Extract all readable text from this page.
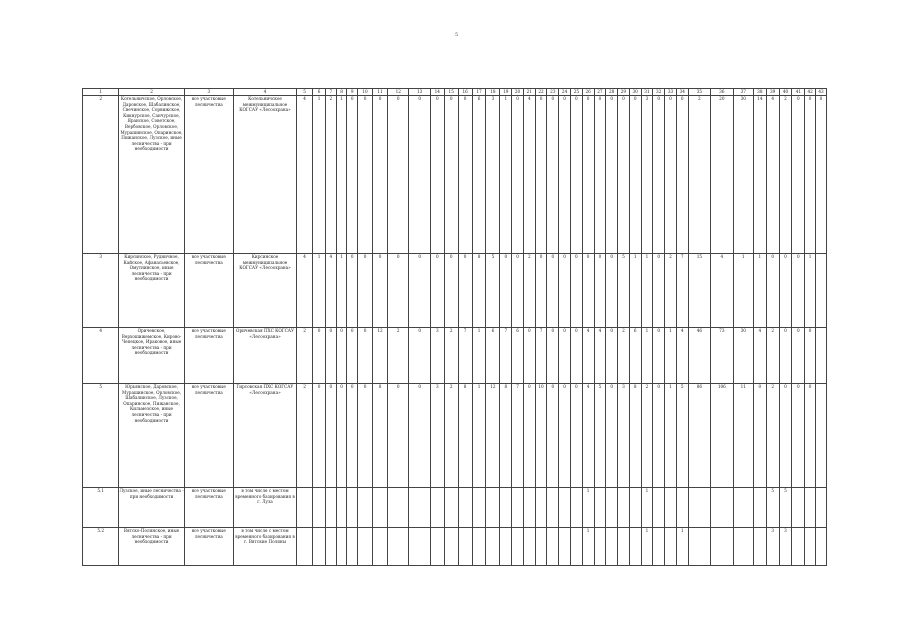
5
1	2	3	4	5	6	7	8	9	10	11	12	13	14	15	16	17	18	19	20	21	22	23	24	25	26	27	28	29	30	31	32	33	34	35	36	37	38	39	40	41	42	43
2	Котельничское, Орловское, Даровское, Шабалинское, Свечинское, Сорвижское, Кикнурское, Санчурское, Яранское, Советское, Вербовское, Орловское, Мурашинское, Опаринское, Пижанское, Лузское, иные лесничества - при необходимости	все участковые лесничества	Котельничское межмуниципальное КОГСАУ «Лесоохрана»	4	1	2	1	0	0	0	0	0	0	0	0	6	3	1	0	4	0	0	0	0	0	0	0	0	0	3	0	0	0	2	20	30	14	4	2	0	0	0
3	Кирсинское, Рудничное, Кайское, Афанасьевское, Омутнинское, иные лесничества - при необходимости	все участковые лесничества	Кирсинское межмуниципальное КОГСАУ «Лесоохрана»	4	1	4	1	0	0	0	0	0	0	0	0	8	5	0	0	2	0	0	0	0	0	0	0	5	1	1	0	2	7	15	4	1	1	0	0	0	1	
4	Оричевское, Верхошижемское, Кирово-Чепецкое, Ираковое, иные лесничества - при необходимости	все участковые лесничества	Оричевская ПХС КОГСАУ «Лесоохрана»	2	0	0	0	0	0	12	2	0	3	2	7	1	6	7	6	0	7	0	0	0	4	4	0	2	6	1	0	1	4	46	73	30	4	2	0	0	0	
5	Юрьянское, Даровское, Мурашинское, Орловское, Шабалинское, Лузское, Опаринское, Пижанское, Кильмезское, иные лесничества - при необходимости	все участковые лесничества	Гирсовская ПХС КОГСАУ «Лесоохрана»	2	0	0	0	0	0	8	0	0	3	2	8	1	12	8	7	0	10	0	0	0	4	5	0	3	8	2	0	1	5	86	106	11	0	2	0	0	0	
5.1	Лузское, иные лесничества - при необходимости	все участковые лесничества	в том числе с местом временного базирования в г. Луза																						1					1								5	5			
5.2	Вятско-Полянское, иные лесничества - при необходимости	все участковые лесничества	в том числе с местом временного базирования в г. Вятские Поляны																						1					1			1					3	3			
